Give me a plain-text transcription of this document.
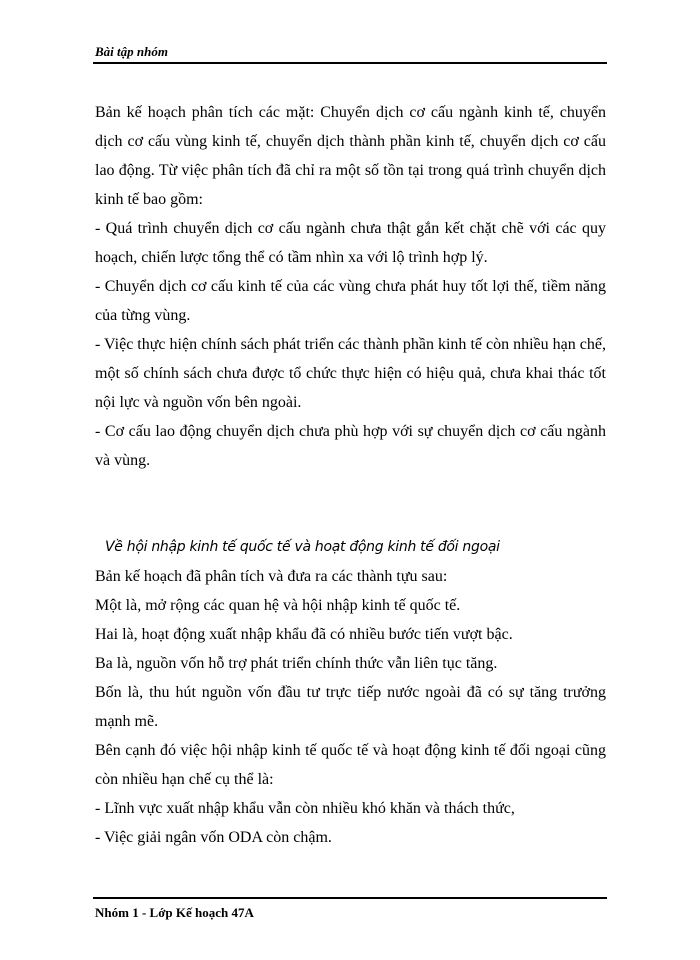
Bài tập nhóm

Bản kế hoạch phân tích các mặt: Chuyển dịch cơ cấu ngành kinh tế, chuyển dịch cơ cấu vùng kinh tế, chuyển dịch thành phần kinh tế, chuyển dịch cơ cấu lao động. Từ việc phân tích đã chỉ ra một số tồn tại trong quá trình chuyển dịch kinh tế bao gồm:

- Quá trình chuyển dịch cơ cấu ngành chưa thật gắn kết chặt chẽ với các quy hoạch, chiến lược tổng thể có tầm nhìn xa với lộ trình hợp lý.

- Chuyển dịch cơ cấu kinh tế của các vùng chưa phát huy tốt lợi thế, tiềm năng của từng vùng.

- Việc thực hiện chính sách phát triển các thành phần kinh tế còn nhiều hạn chế, một số chính sách chưa được tổ chức thực hiện có hiệu quả, chưa khai thác tốt nội lực và nguồn vốn bên ngoài.

- Cơ cấu lao động chuyển dịch chưa phù hợp với sự chuyển dịch cơ cấu ngành và vùng.

Về hội nhập kinh tế quốc tế và hoạt động kinh tế đối ngoại

Bản kế hoạch đã phân tích và đưa ra các thành tựu sau:

Một là, mở rộng các quan hệ và hội nhập kinh tế quốc tế.

Hai là, hoạt động xuất nhập khẩu đã có nhiều bước tiến vượt bậc.

Ba là, nguồn vốn hỗ trợ phát triển chính thức vẫn liên tục tăng.

Bốn là, thu hút nguồn vốn đầu tư trực tiếp nước ngoài đã có sự tăng trưởng mạnh mẽ.

Bên cạnh đó việc hội nhập kinh tế quốc tế và hoạt động kinh tế đối ngoại cũng còn nhiều hạn chế cụ thể là:

- Lĩnh vực xuất nhập khẩu vẫn còn nhiều khó khăn và thách thức,

- Việc giải ngân vốn ODA còn chậm.

Nhóm 1 - Lớp Kế hoạch 47A
